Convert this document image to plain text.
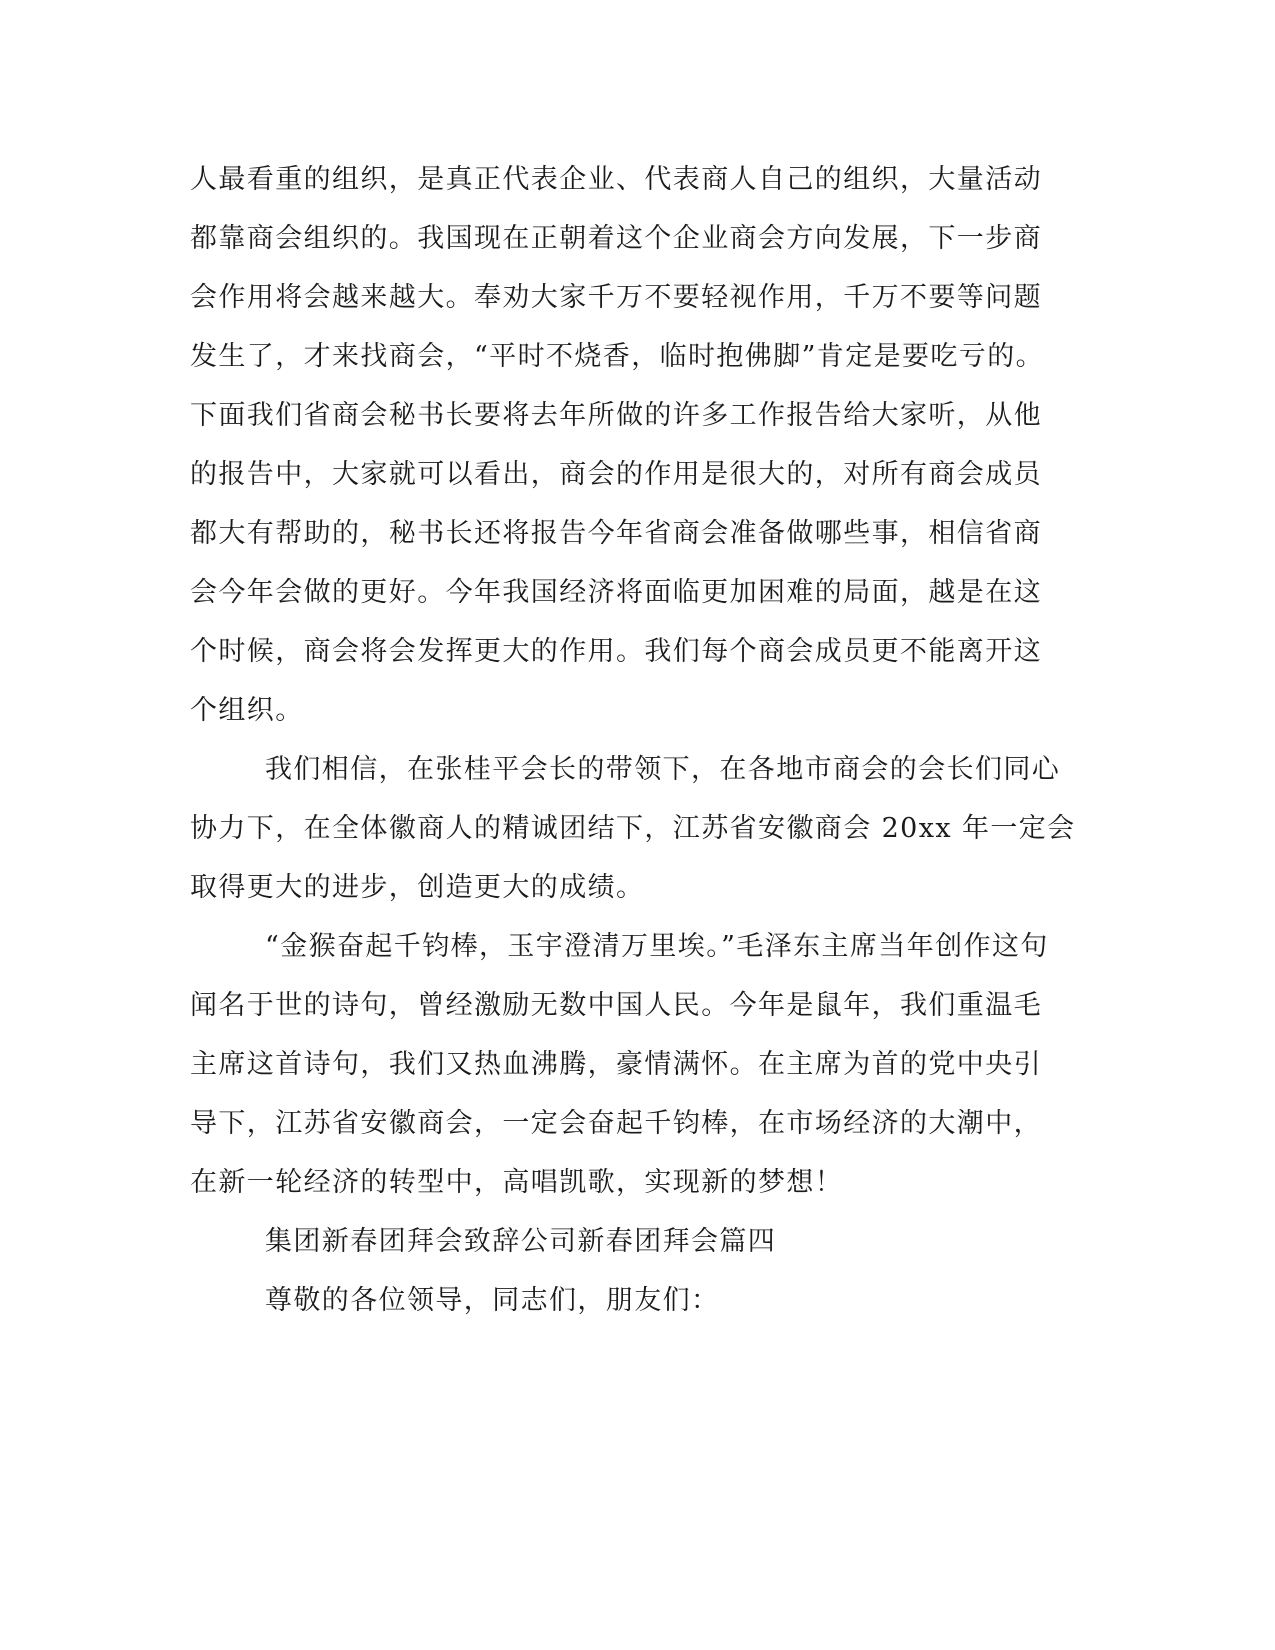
人最看重的组织，是真正代表企业、代表商人自己的组织，大量活动
都靠商会组织的。我国现在正朝着这个企业商会方向发展，下一步商
会作用将会越来越大。奉劝大家千万不要轻视作用，千万不要等问题
发生了，才来找商会，“平时不烧香，临时抱佛脚”肯定是要吃亏的。
下面我们省商会秘书长要将去年所做的许多工作报告给大家听，从他
的报告中，大家就可以看出，商会的作用是很大的，对所有商会成员
都大有帮助的，秘书长还将报告今年省商会准备做哪些事，相信省商
会今年会做的更好。今年我国经济将面临更加困难的局面，越是在这
个时候，商会将会发挥更大的作用。我们每个商会成员更不能离开这
个组织。
我们相信，在张桂平会长的带领下，在各地市商会的会长们同心
协力下，在全体徽商人的精诚团结下，江苏省安徽商会 20xx 年一定会
取得更大的进步，创造更大的成绩。
“金猴奋起千钧棒，玉宇澄清万里埃。”毛泽东主席当年创作这句
闻名于世的诗句，曾经激励无数中国人民。今年是鼠年，我们重温毛
主席这首诗句，我们又热血沸腾，豪情满怀。在主席为首的党中央引
导下，江苏省安徽商会，一定会奋起千钧棒，在市场经济的大潮中，
在新一轮经济的转型中，高唱凯歌，实现新的梦想！
集团新春团拜会致辞公司新春团拜会篇四
尊敬的各位领导，同志们，朋友们：
